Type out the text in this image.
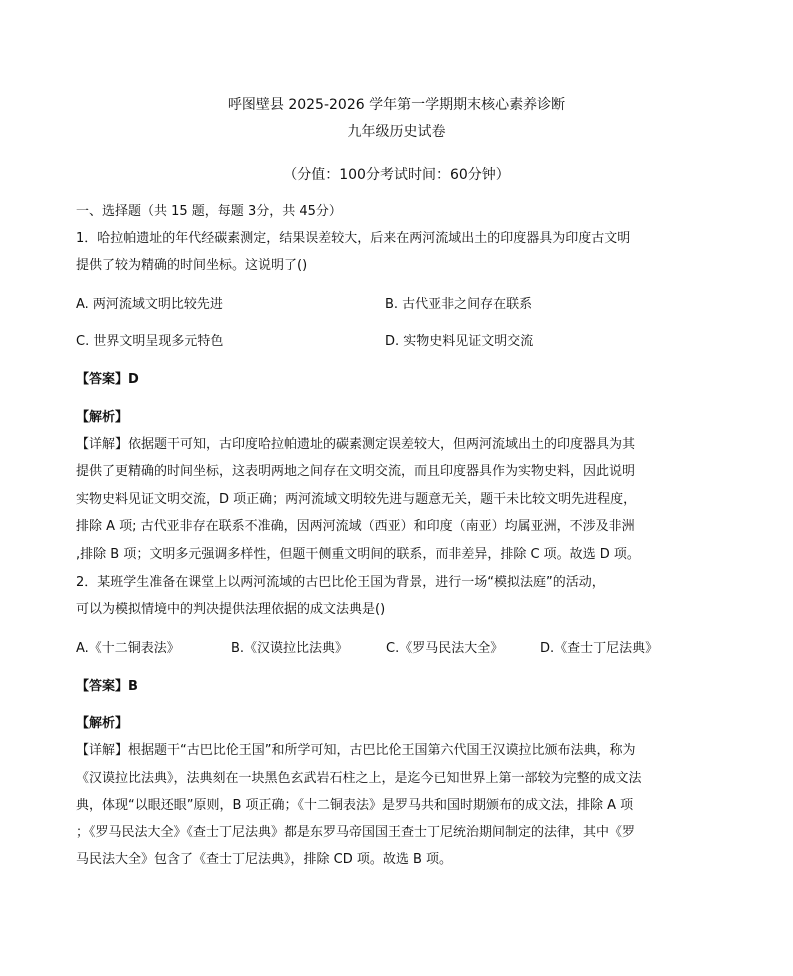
呼图壁县 2025-2026 学年第一学期期末核心素养诊断
九年级历史试卷
（分值：100分考试时间：60分钟）
一、选择题（共 15 题，每题 3分，共 45分）
1．哈拉帕遗址的年代经碳素测定，结果误差较大，后来在两河流域出土的印度器具为印度古文明
提供了较为精确的时间坐标。这说明了()
A. 两河流域文明比较先进	B. 古代亚非之间存在联系
C. 世界文明呈现多元特色	D. 实物史料见证文明交流
【答案】D
【解析】
【详解】依据题干可知，古印度哈拉帕遗址的碳素测定误差较大，但两河流域出土的印度器具为其
提供了更精确的时间坐标，这表明两地之间存在文明交流，而且印度器具作为实物史料，因此说明
实物史料见证文明交流，D 项正确；两河流域文明较先进与题意无关，题干未比较文明先进程度，
排除 A 项; 古代亚非存在联系不准确，因两河流域（西亚）和印度（南亚）均属亚洲，不涉及非洲
,排除 B 项；文明多元强调多样性，但题干侧重文明间的联系，而非差异，排除 C 项。故选 D 项。
2．某班学生准备在课堂上以两河流域的古巴比伦王国为背景，进行一场“模拟法庭”的活动，
可以为模拟情境中的判决提供法理依据的成文法典是()
A.《十二铜表法》	B.《汉谟拉比法典》	C.《罗马民法大全》	D.《查士丁尼法典》
【答案】B
【解析】
【详解】根据题干“古巴比伦王国”和所学可知，古巴比伦王国第六代国王汉谟拉比颁布法典，称为
《汉谟拉比法典》，法典刻在一块黑色玄武岩石柱之上，是迄今已知世界上第一部较为完整的成文法
典，体现“以眼还眼”原则，B 项正确；《十二铜表法》是罗马共和国时期颁布的成文法，排除 A 项
；《罗马民法大全》《查士丁尼法典》都是东罗马帝国国王查士丁尼统治期间制定的法律，其中《罗
马民法大全》包含了《查士丁尼法典》，排除 CD 项。故选 B 项。
